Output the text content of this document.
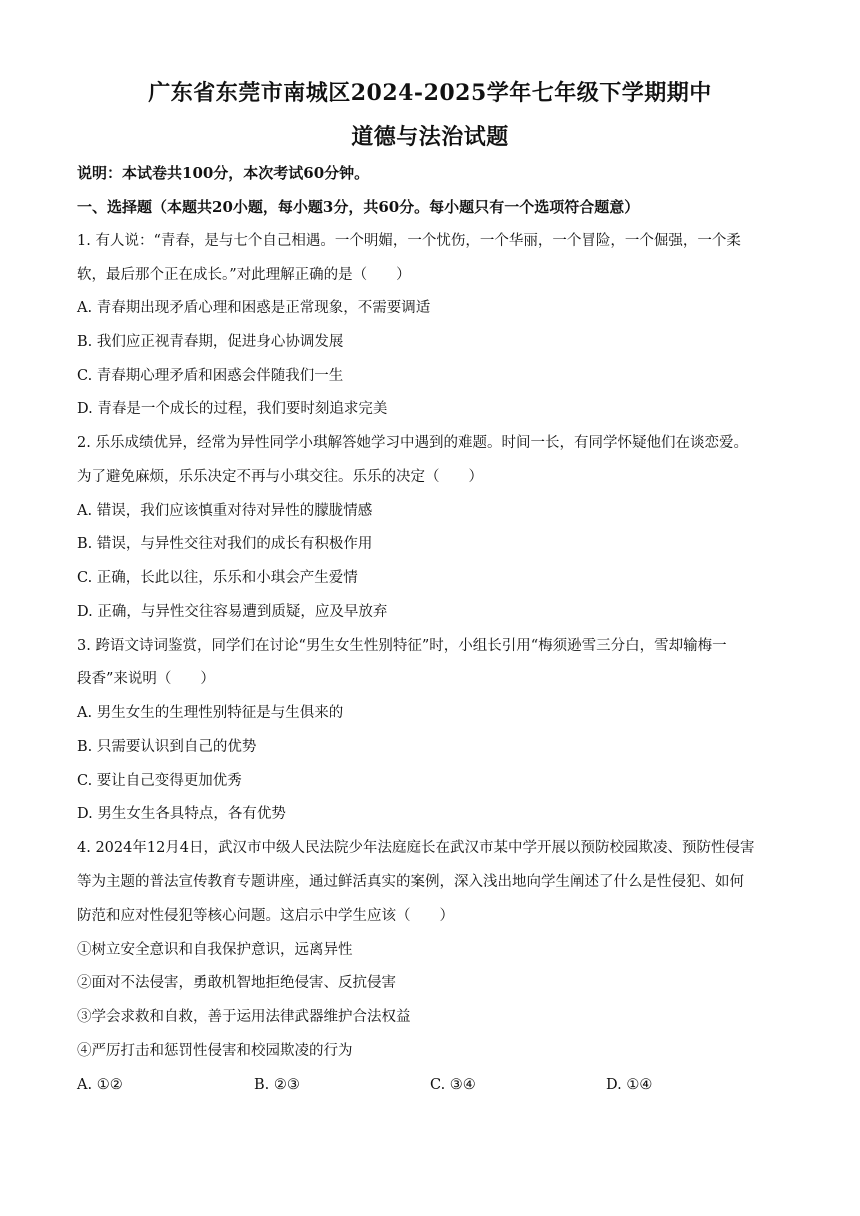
广东省东莞市南城区2024-2025学年七年级下学期期中
道德与法治试题
说明：本试卷共100分，本次考试60分钟。
一、选择题（本题共20小题，每小题3分，共60分。每小题只有一个选项符合题意）
1. 有人说：“青春，是与七个自己相遇。一个明媚，一个忧伤，一个华丽，一个冒险，一个倔强，一个柔
软，最后那个正在成长。”对此理解正确的是（　　）
A. 青春期出现矛盾心理和困惑是正常现象，不需要调适
B. 我们应正视青春期，促进身心协调发展
C. 青春期心理矛盾和困惑会伴随我们一生
D. 青春是一个成长的过程，我们要时刻追求完美
2. 乐乐成绩优异，经常为异性同学小琪解答她学习中遇到的难题。时间一长，有同学怀疑他们在谈恋爱。
为了避免麻烦，乐乐决定不再与小琪交往。乐乐的决定（　　）
A. 错误，我们应该慎重对待对异性的朦胧情感
B. 错误，与异性交往对我们的成长有积极作用
C. 正确，长此以往，乐乐和小琪会产生爱情
D. 正确，与异性交往容易遭到质疑，应及早放弃
3. 跨语文诗词鉴赏，同学们在讨论“男生女生性别特征”时，小组长引用“梅须逊雪三分白，雪却输梅一
段香”来说明（　　）
A. 男生女生的生理性别特征是与生俱来的
B. 只需要认识到自己的优势
C. 要让自己变得更加优秀
D. 男生女生各具特点，各有优势
4. 2024年12月4日，武汉市中级人民法院少年法庭庭长在武汉市某中学开展以预防校园欺凌、预防性侵害
等为主题的普法宣传教育专题讲座，通过鲜活真实的案例，深入浅出地向学生阐述了什么是性侵犯、如何
防范和应对性侵犯等核心问题。这启示中学生应该（　　）
①树立安全意识和自我保护意识，远离异性
②面对不法侵害，勇敢机智地拒绝侵害、反抗侵害
③学会求救和自救，善于运用法律武器维护合法权益
④严厉打击和惩罚性侵害和校园欺凌的行为
A. ①②	B. ②③	C. ③④	D. ①④
